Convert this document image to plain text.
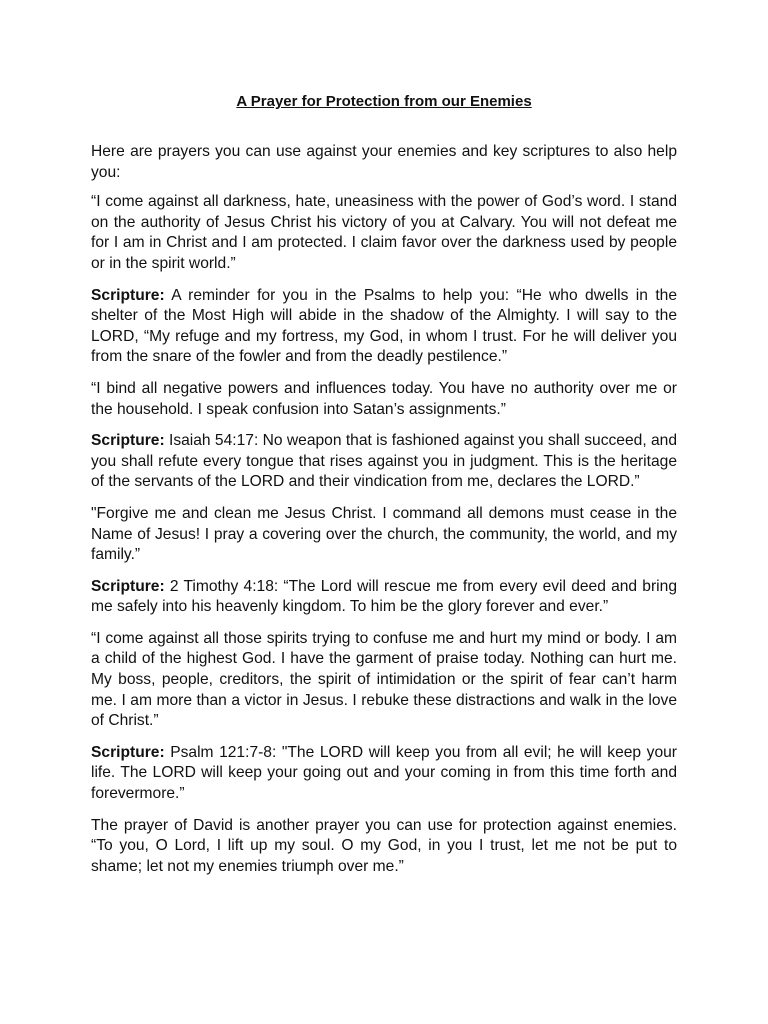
A Prayer for Protection from our Enemies

Here are prayers you can use against your enemies and key scriptures to also help you:

“I come against all darkness, hate, uneasiness with the power of God’s word. I stand on the authority of Jesus Christ his victory of you at Calvary. You will not defeat me for I am in Christ and I am protected. I claim favor over the darkness used by people or in the spirit world.”

Scripture: A reminder for you in the Psalms to help you: “He who dwells in the shelter of the Most High will abide in the shadow of the Almighty. I will say to the LORD, “My refuge and my fortress, my God, in whom I trust. For he will deliver you from the snare of the fowler and from the deadly pestilence.”

“I bind all negative powers and influences today. You have no authority over me or the household. I speak confusion into Satan’s assignments.”

Scripture: Isaiah 54:17: No weapon that is fashioned against you shall succeed, and you shall refute every tongue that rises against you in judgment. This is the heritage of the servants of the LORD and their vindication from me, declares the LORD.”

"Forgive me and clean me Jesus Christ. I command all demons must cease in the Name of Jesus! I pray a covering over the church, the community, the world, and my family.”

Scripture: 2 Timothy 4:18: “The Lord will rescue me from every evil deed and bring me safely into his heavenly kingdom. To him be the glory forever and ever.”

“I come against all those spirits trying to confuse me and hurt my mind or body. I am a child of the highest God. I have the garment of praise today. Nothing can hurt me. My boss, people, creditors, the spirit of intimidation or the spirit of fear can’t harm me. I am more than a victor in Jesus. I rebuke these distractions and walk in the love of Christ.”

Scripture: Psalm 121:7-8: "The LORD will keep you from all evil; he will keep your life. The LORD will keep your going out and your coming in from this time forth and forevermore.”

The prayer of David is another prayer you can use for protection against enemies. “To you, O Lord, I lift up my soul. O my God, in you I trust, let me not be put to shame; let not my enemies triumph over me.”
